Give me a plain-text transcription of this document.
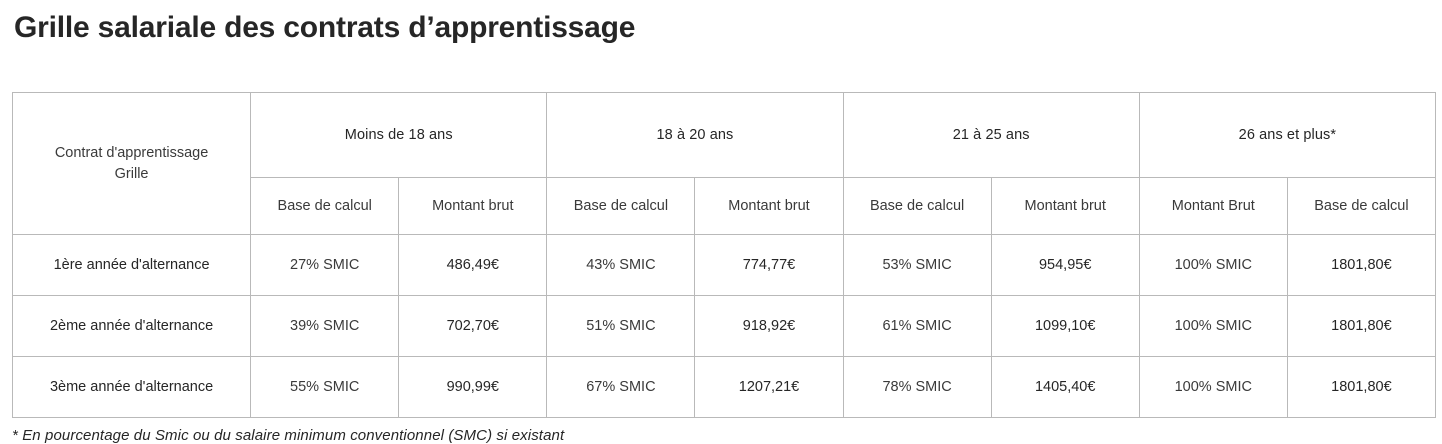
Grille salariale des contrats d’apprentissage
Contrat d'apprentissage
Grille	Moins de 18 ans		18 à 20 ans		21 à 25 ans		26 ans et plus*	
	Base de calcul	Montant brut	Base de calcul	Montant brut	Base de calcul	Montant brut	Montant Brut	Base de calcul
1ère année d'alternance	27% SMIC	486,49€	43% SMIC	774,77€	53% SMIC	954,95€	100% SMIC	1801,80€
2ème année d'alternance	39% SMIC	702,70€	51% SMIC	918,92€	61% SMIC	1099,10€	100% SMIC	1801,80€
3ème année d'alternance	55% SMIC	990,99€	67% SMIC	1207,21€	78% SMIC	1405,40€	100% SMIC	1801,80€

* En pourcentage du Smic ou du salaire minimum conventionnel (SMC) si existant
